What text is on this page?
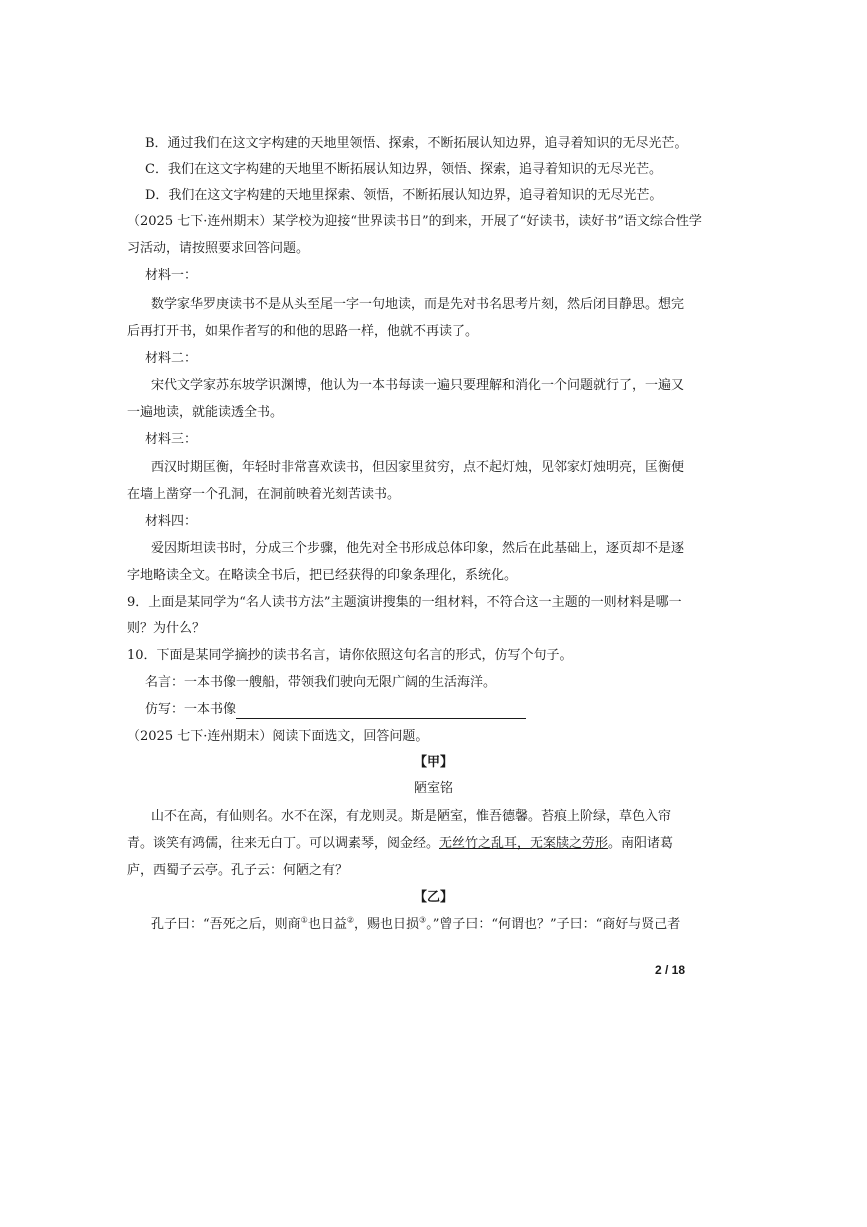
B．通过我们在这文字构建的天地里领悟、探索，不断拓展认知边界，追寻着知识的无尽光芒。
C．我们在这文字构建的天地里不断拓展认知边界，领悟、探索，追寻着知识的无尽光芒。
D．我们在这文字构建的天地里探索、领悟，不断拓展认知边界，追寻着知识的无尽光芒。
（2025 七下·连州期末）某学校为迎接“世界读书日”的到来，开展了“好读书，读好书”语文综合性学
习活动，请按照要求回答问题。
材料一：
数学家华罗庚读书不是从头至尾一字一句地读，而是先对书名思考片刻，然后闭目静思。想完
后再打开书，如果作者写的和他的思路一样，他就不再读了。
材料二：
宋代文学家苏东坡学识渊博，他认为一本书每读一遍只要理解和消化一个问题就行了，一遍又
一遍地读，就能读透全书。
材料三：
西汉时期匡衡，年轻时非常喜欢读书，但因家里贫穷，点不起灯烛，见邻家灯烛明亮，匡衡便
在墙上凿穿一个孔洞，在洞前映着光刻苦读书。
材料四：
爱因斯坦读书时，分成三个步骤，他先对全书形成总体印象，然后在此基础上，逐页却不是逐
字地略读全文。在略读全书后，把已经获得的印象条理化，系统化。
9．上面是某同学为“名人读书方法”主题演讲搜集的一组材料，不符合这一主题的一则材料是哪一
则？为什么？
10．下面是某同学摘抄的读书名言，请你依照这句名言的形式，仿写个句子。
名言：一本书像一艘船，带领我们驶向无限广阔的生活海洋。
仿写：一本书像
（2025 七下·连州期末）阅读下面选文，回答问题。
【甲】
陋室铭
山不在高，有仙则名。水不在深，有龙则灵。斯是陋室，惟吾德馨。苔痕上阶绿，草色入帘
青。谈笑有鸿儒，往来无白丁。可以调素琴，阅金经。无丝竹之乱耳，无案牍之劳形。南阳诸葛
庐，西蜀子云亭。孔子云：何陋之有？
【乙】
孔子曰：“吾死之后，则商①也日益②，赐也日损③。”曾子曰：“何谓也？”子曰：“商好与贤己者
2 / 18
